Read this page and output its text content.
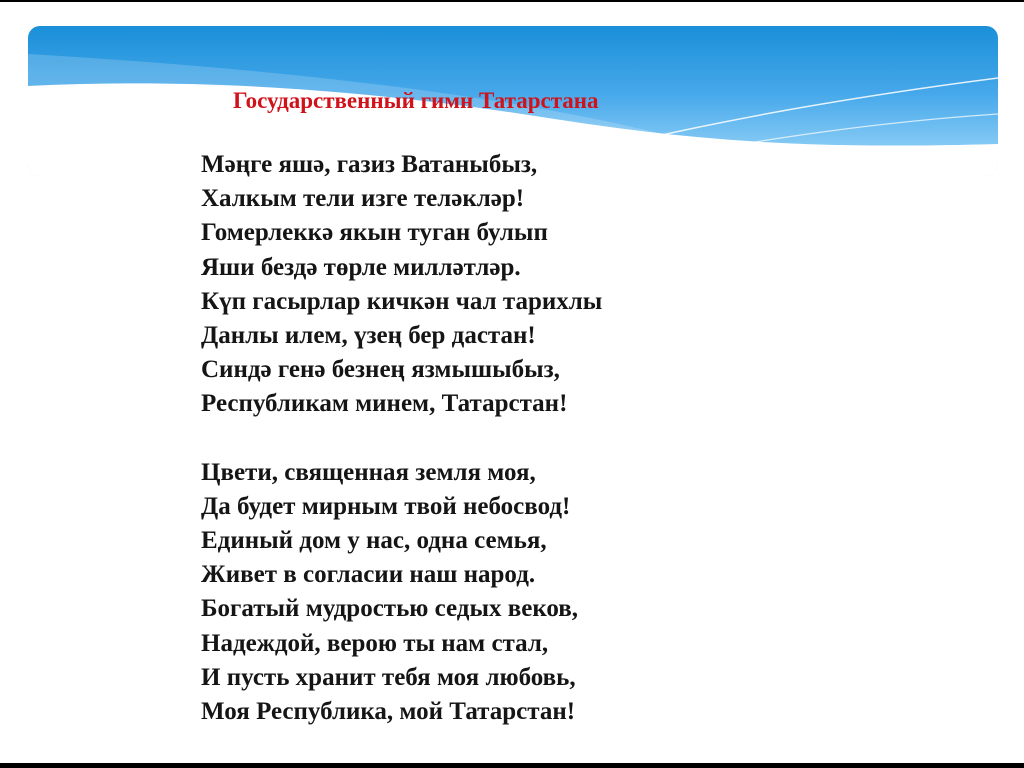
Государственный гимн Татарстана
Мәңге яшә, газиз Ватаныбыз,
Халкым тели изге теләкләр!
Гомерлеккә якын туган булып
Яши бездә төрле милләтләр.
Күп гасырлар кичкән чал тарихлы
Данлы илем, үзең бер дастан!
Синдә генә безнең язмышыбыз,
Республикам минем, Татарстан!
Цвети, священная земля моя,
Да будет мирным твой небосвод!
Единый дом у нас, одна семья,
Живет в согласии наш народ.
Богатый мудростью седых веков,
Надеждой, верою ты нам стал,
И пусть хранит тебя моя любовь,
Моя Республика, мой Татарстан!
